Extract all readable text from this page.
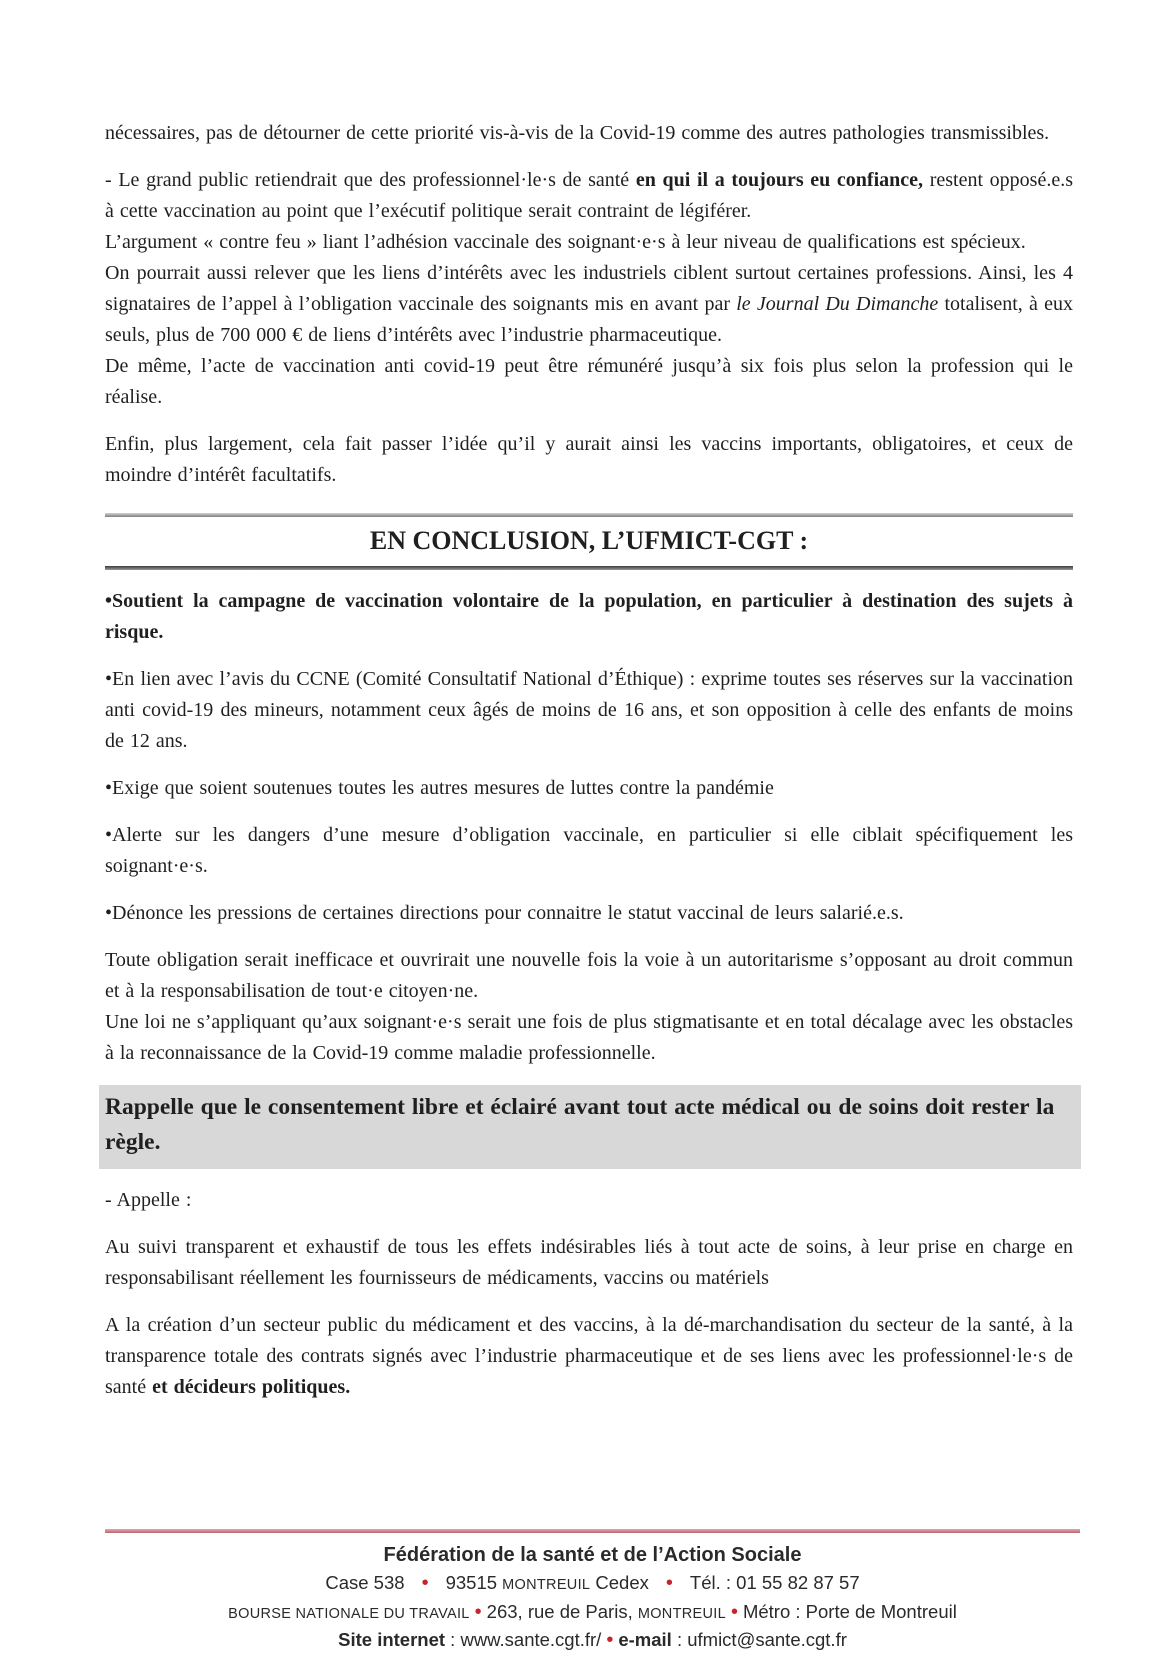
nécessaires, pas de détourner de cette priorité vis-à-vis de la Covid-19 comme des autres pathologies transmissibles.

- Le grand public retiendrait que des professionnel·le·s de santé en qui il a toujours eu confiance, restent opposé.e.s à cette vaccination au point que l’exécutif politique serait contraint de légiférer.

L’argument « contre feu » liant l’adhésion vaccinale des soignant·e·s à leur niveau de qualifications est spécieux.

On pourrait aussi relever que les liens d’intérêts avec les industriels ciblent surtout certaines professions. Ainsi, les 4 signataires de l’appel à l’obligation vaccinale des soignants mis en avant par le Journal Du Dimanche totalisent, à eux seuls, plus de 700 000 € de liens d’intérêts avec l’industrie pharmaceutique.

De même, l’acte de vaccination anti covid-19 peut être rémunéré jusqu’à six fois plus selon la profession qui le réalise.

Enfin, plus largement, cela fait passer l’idée qu’il y aurait ainsi les vaccins importants, obligatoires, et ceux de moindre d’intérêt facultatifs.

EN CONCLUSION, L’UFMICT-CGT :

•Soutient la campagne de vaccination volontaire de la population, en particulier à destination des sujets à risque.

•En lien avec l’avis du CCNE (Comité Consultatif National d’Éthique) : exprime toutes ses réserves sur la vaccination anti covid-19 des mineurs, notamment ceux âgés de moins de 16 ans, et son opposition à celle des enfants de moins de 12 ans.

•Exige que soient soutenues toutes les autres mesures de luttes contre la pandémie

•Alerte sur les dangers d’une mesure d’obligation vaccinale, en particulier si elle ciblait spécifiquement les soignant·e·s.

•Dénonce les pressions de certaines directions pour connaitre le statut vaccinal de leurs salarié.e.s.

Toute obligation serait inefficace et ouvrirait une nouvelle fois la voie à un autoritarisme s’opposant au droit commun et à la responsabilisation de tout·e citoyen·ne.

Une loi ne s’appliquant qu’aux soignant·e·s serait une fois de plus stigmatisante et en total décalage avec les obstacles à la reconnaissance de la Covid-19 comme maladie professionnelle.

Rappelle que le consentement libre et éclairé avant tout acte médical ou de soins doit rester la règle.

- Appelle :

Au suivi transparent et exhaustif de tous les effets indésirables liés à tout acte de soins, à leur prise en charge en responsabilisant réellement les fournisseurs de médicaments, vaccins ou matériels

A la création d’un secteur public du médicament et des vaccins, à la dé-marchandisation du secteur de la santé, à la transparence totale des contrats signés avec l’industrie pharmaceutique et de ses liens avec les professionnel·le·s de santé et décideurs politiques.

Fédération de la santé et de l’Action Sociale
Case 538 • 93515 MONTREUIL Cedex • Tél. : 01 55 82 87 57
BOURSE NATIONALE DU TRAVAIL • 263, rue de Paris, MONTREUIL • Métro : Porte de Montreuil
Site internet : www.sante.cgt.fr/ • e-mail : ufmict@sante.cgt.fr
